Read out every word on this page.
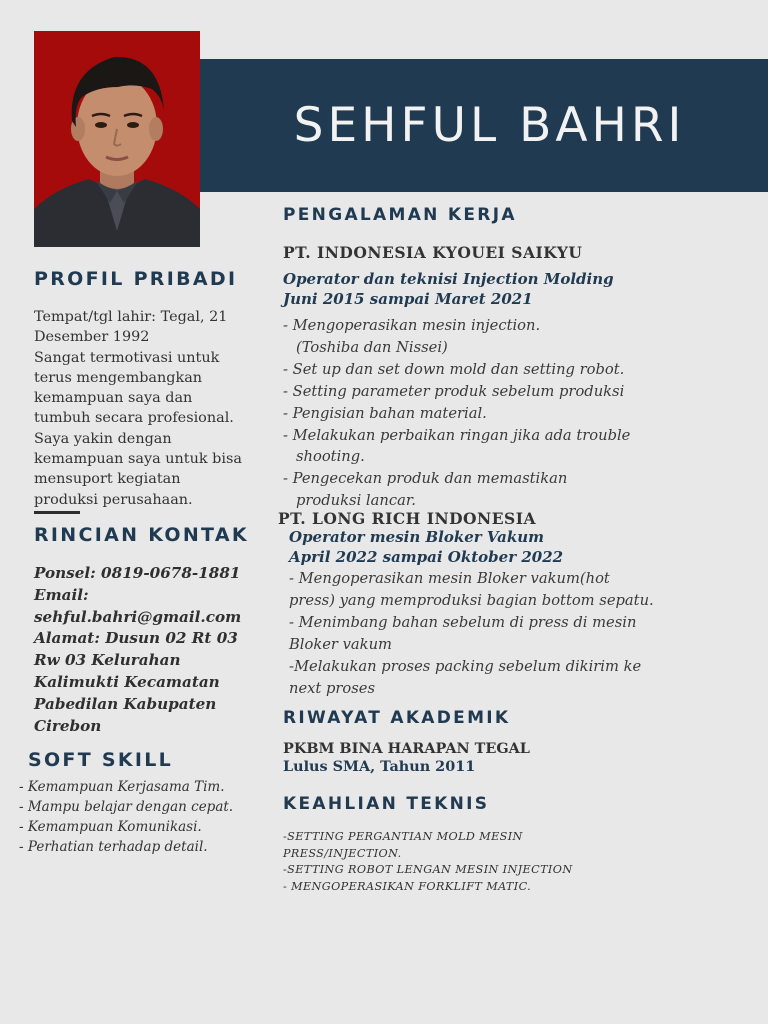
SEHFUL BAHRI
PROFIL PRIBADI
Tempat/tgl lahir: Tegal, 21
Desember 1992
Sangat termotivasi untuk
terus mengembangkan
kemampuan saya dan
tumbuh secara profesional.
Saya yakin dengan
kemampuan saya untuk bisa
mensuport kegiatan
produksi perusahaan.
RINCIAN KONTAK
Ponsel: 0819-0678-1881
Email:
sehful.bahri@gmail.com
Alamat: Dusun 02 Rt 03
Rw 03 Kelurahan
Kalimukti Kecamatan
Pabedilan Kabupaten
Cirebon
SOFT SKILL
- Kemampuan Kerjasama Tim.
- Mampu belajar dengan cepat.
- Kemampuan Komunikasi.
- Perhatian terhadap detail.
PENGALAMAN KERJA
PT. INDONESIA KYOUEI SAIKYU
Operator dan teknisi Injection Molding
Juni 2015 sampai Maret 2021
- Mengoperasikan mesin injection.
(Toshiba dan Nissei)
- Set up dan set down mold dan setting robot.
- Setting parameter produk sebelum produksi
- Pengisian bahan material.
- Melakukan perbaikan ringan jika ada trouble
shooting.
- Pengecekan produk dan memastikan
produksi lancar.
PT. LONG RICH INDONESIA
Operator mesin Bloker Vakum
April 2022 sampai Oktober 2022
- Mengoperasikan mesin Bloker vakum(hot
press) yang memproduksi bagian bottom sepatu.
- Menimbang bahan sebelum di press di mesin
Bloker vakum
-Melakukan proses packing sebelum dikirim ke
next proses
RIWAYAT AKADEMIK
PKBM BINA HARAPAN TEGAL
Lulus SMA, Tahun 2011
KEAHLIAN TEKNIS
-SETTING PERGANTIAN MOLD MESIN
PRESS/INJECTION.
-SETTING ROBOT LENGAN MESIN INJECTION
- MENGOPERASIKAN FORKLIFT MATIC.
